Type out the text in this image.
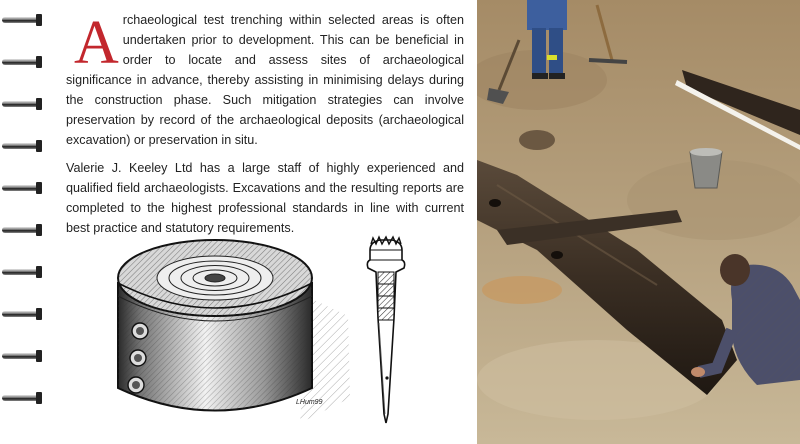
A rchaeological test trenching within selected areas is often undertaken prior to development. This can be beneficial in order to locate and assess sites of archaeological significance in advance, thereby assisting in minimising delays during the construction phase. Such mitigation strategies can involve preservation by record of the archaeological deposits (archaeological excavation) or preservation in situ.

Valerie J. Keeley Ltd has a large staff of highly experienced and qualified field archaeologists. Excavations and the resulting reports are completed to the highest professional standards in line with current best practice and statutory requirements.

LHum99
